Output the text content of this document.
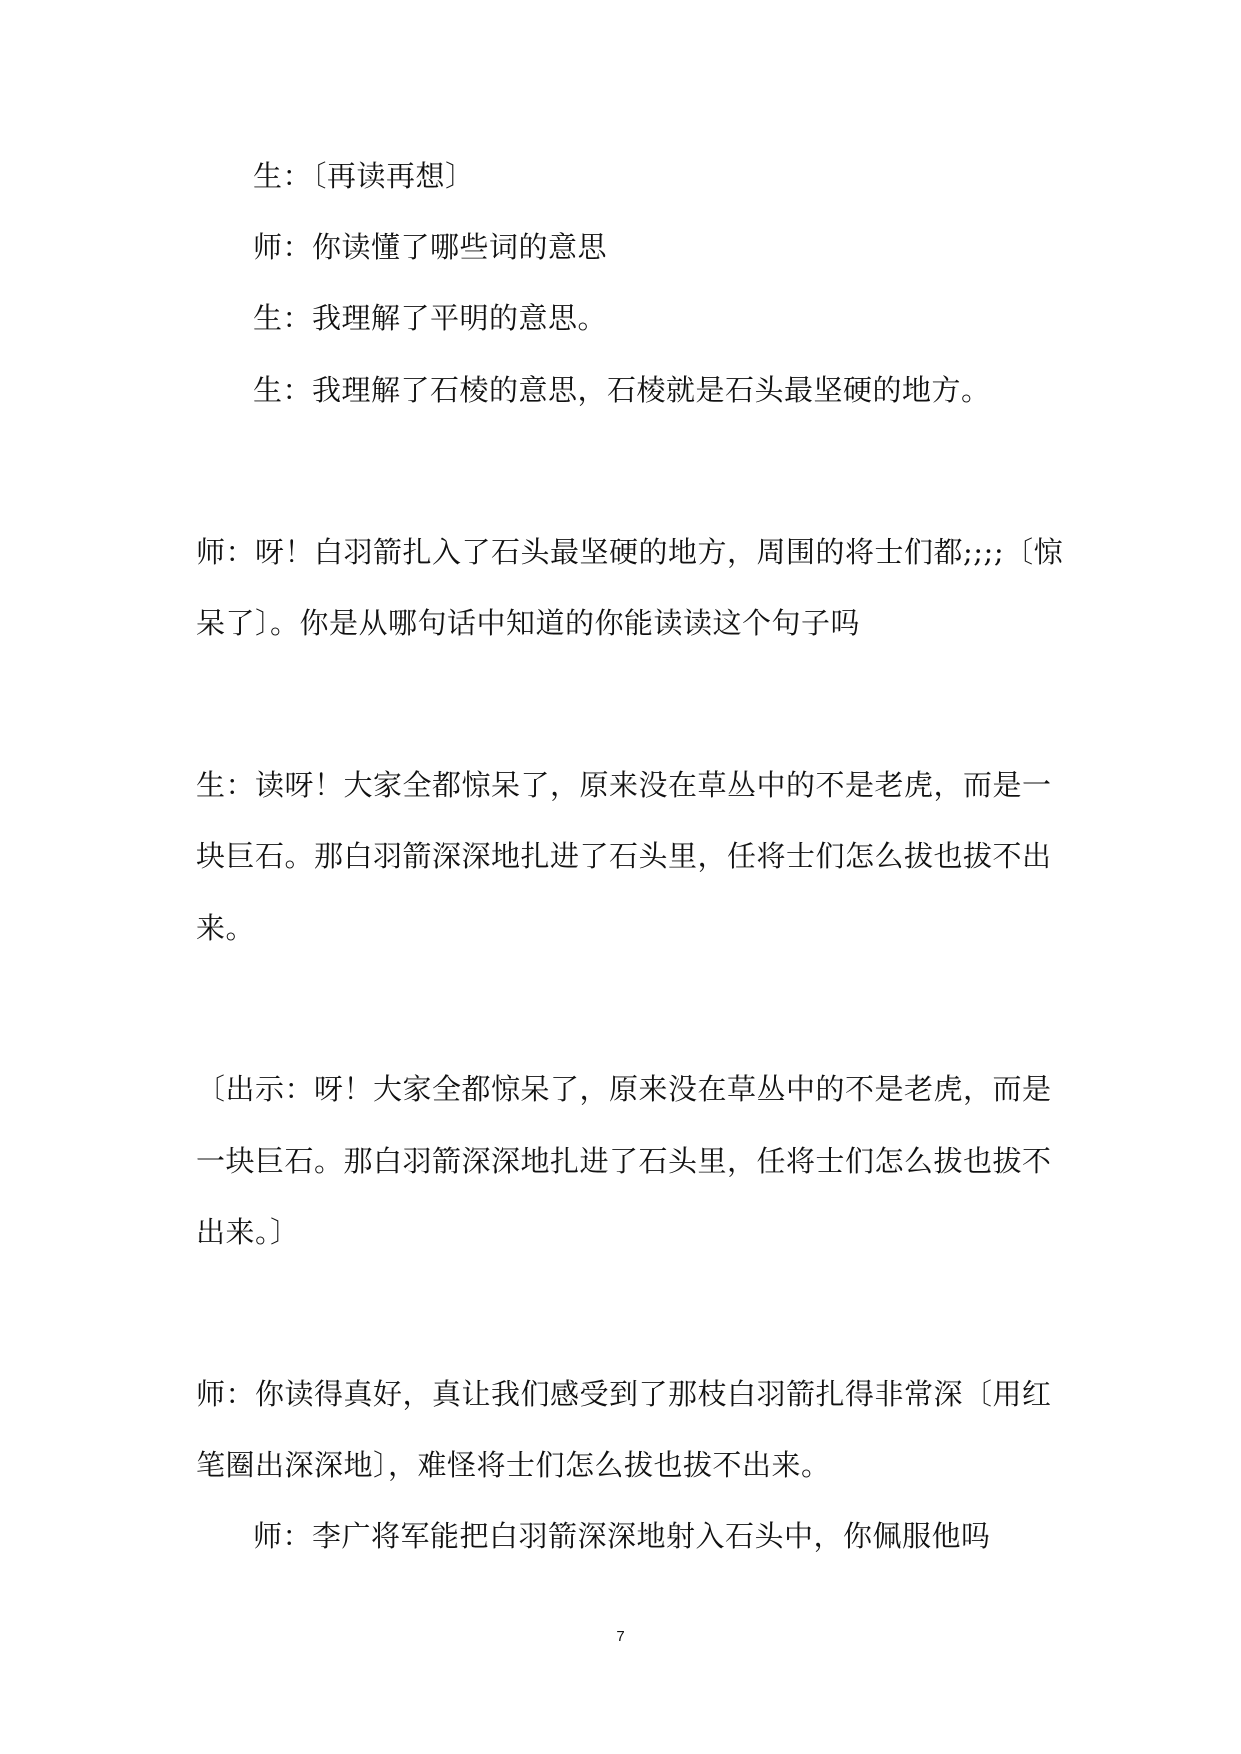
生：〔再读再想〕

师：你读懂了哪些词的意思

生：我理解了平明的意思。

生：我理解了石棱的意思，石棱就是石头最坚硬的地方。

师：呀！白羽箭扎入了石头最坚硬的地方，周围的将士们都;;;;〔惊

呆了〕。你是从哪句话中知道的你能读读这个句子吗

生：读呀！大家全都惊呆了，原来没在草丛中的不是老虎，而是一

块巨石。那白羽箭深深地扎进了石头里，任将士们怎么拔也拔不出

来。

〔出示：呀！大家全都惊呆了，原来没在草丛中的不是老虎，而是

一块巨石。那白羽箭深深地扎进了石头里，任将士们怎么拔也拔不

出来。〕

师：你读得真好，真让我们感受到了那枝白羽箭扎得非常深〔用红

笔圈出深深地〕，难怪将士们怎么拔也拔不出来。

师：李广将军能把白羽箭深深地射入石头中，你佩服他吗

7
